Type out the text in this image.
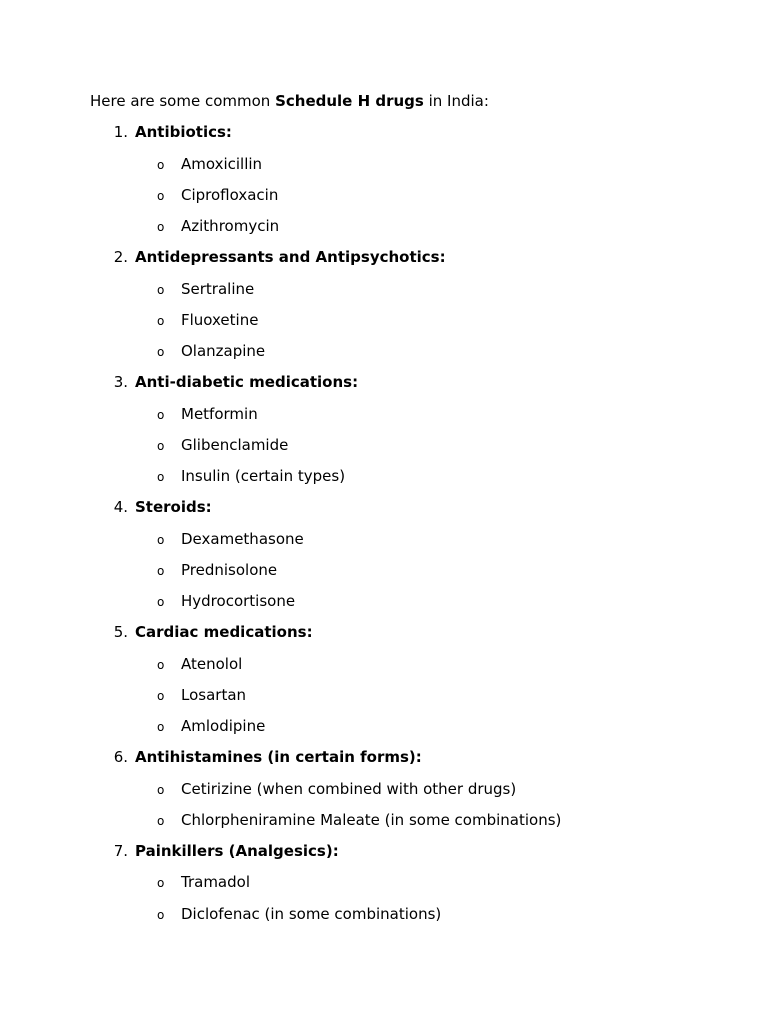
Here are some common Schedule H drugs in India:

1. Antibiotics:
o Amoxicillin
o Ciprofloxacin
o Azithromycin
2. Antidepressants and Antipsychotics:
o Sertraline
o Fluoxetine
o Olanzapine
3. Anti-diabetic medications:
o Metformin
o Glibenclamide
o Insulin (certain types)
4. Steroids:
o Dexamethasone
o Prednisolone
o Hydrocortisone
5. Cardiac medications:
o Atenolol
o Losartan
o Amlodipine
6. Antihistamines (in certain forms):
o Cetirizine (when combined with other drugs)
o Chlorpheniramine Maleate (in some combinations)
7. Painkillers (Analgesics):
o Tramadol
o Diclofenac (in some combinations)
